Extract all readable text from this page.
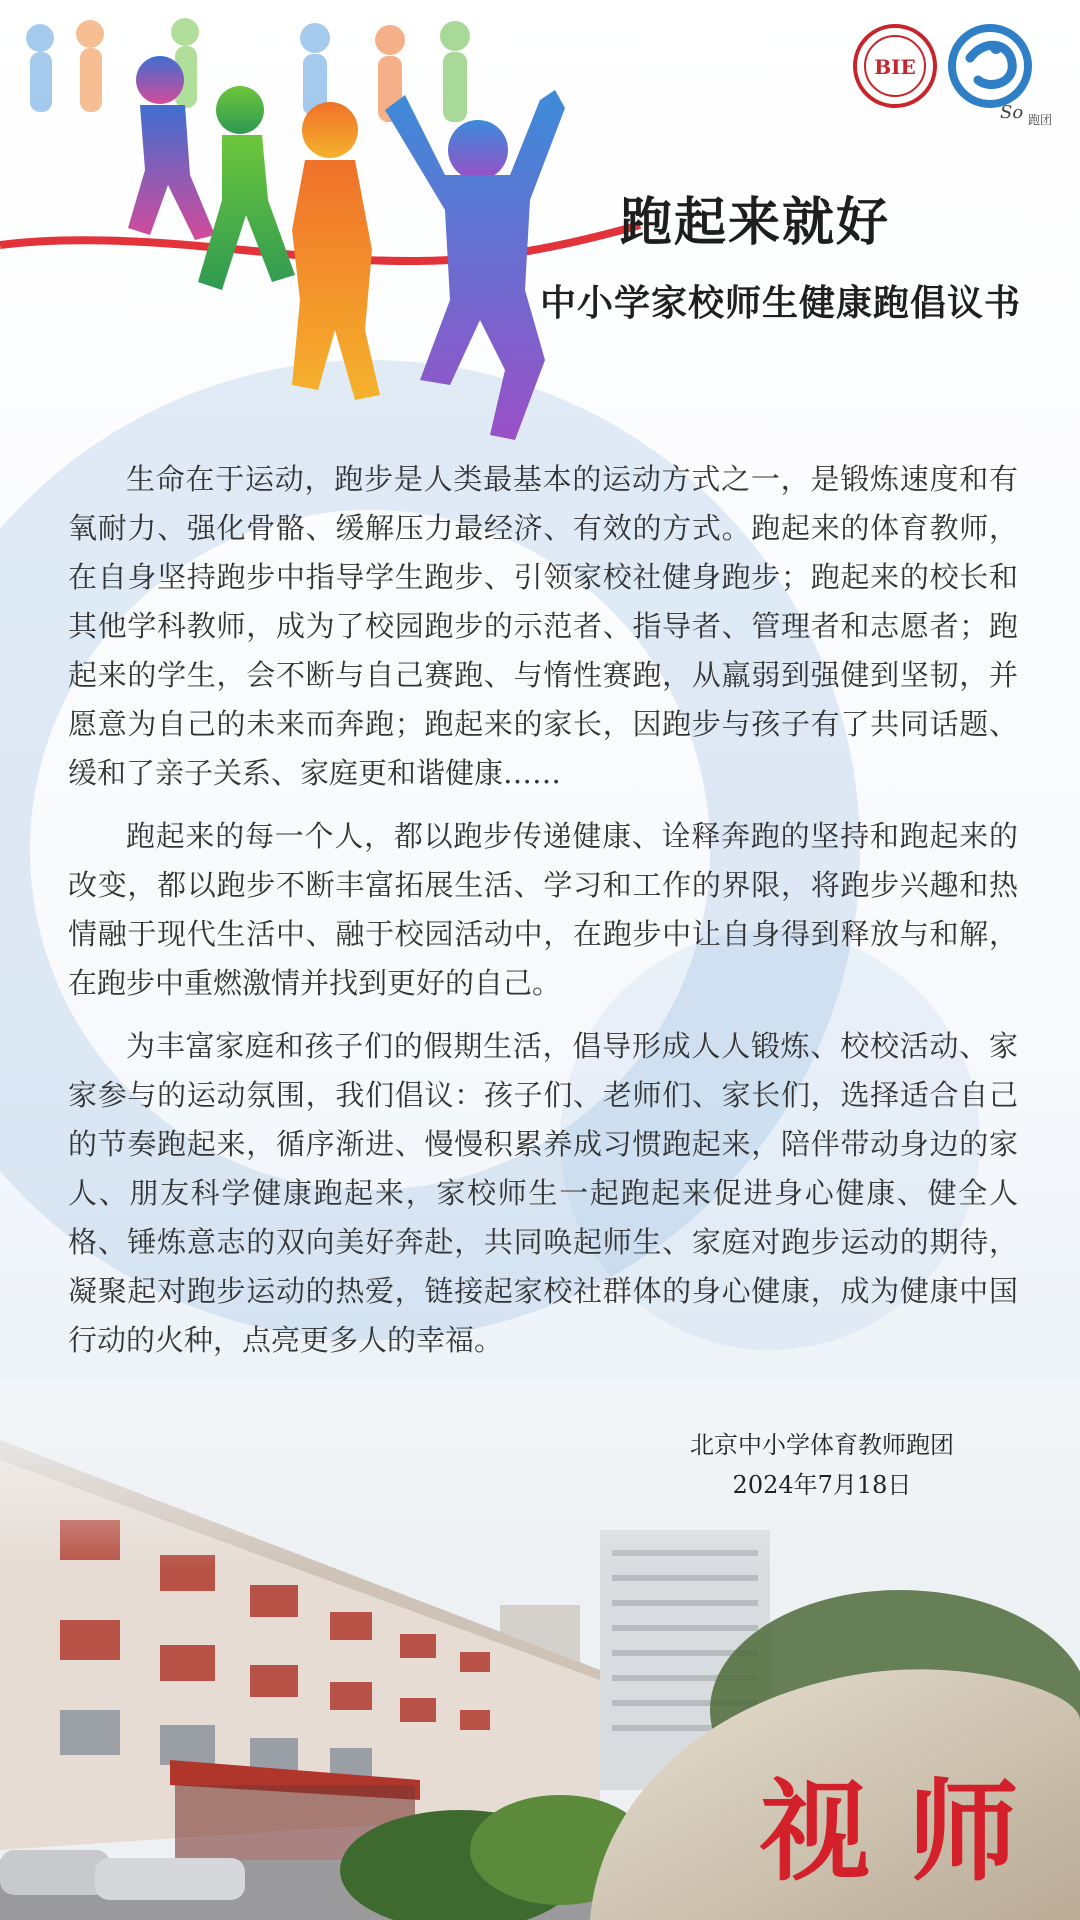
BIE
So 跑团
跑起来就好
中小学家校师生健康跑倡议书

生命在于运动，跑步是人类最基本的运动方式之一，是锻炼速度和有氧耐力、强化骨骼、缓解压力最经济、有效的方式。跑起来的体育教师，在自身坚持跑步中指导学生跑步、引领家校社健身跑步；跑起来的校长和其他学科教师，成为了校园跑步的示范者、指导者、管理者和志愿者；跑起来的学生，会不断与自己赛跑、与惰性赛跑，从羸弱到强健到坚韧，并愿意为自己的未来而奔跑；跑起来的家长，因跑步与孩子有了共同话题、缓和了亲子关系、家庭更和谐健康……

跑起来的每一个人，都以跑步传递健康、诠释奔跑的坚持和跑起来的改变，都以跑步不断丰富拓展生活、学习和工作的界限，将跑步兴趣和热情融于现代生活中、融于校园活动中，在跑步中让自身得到释放与和解，在跑步中重燃激情并找到更好的自己。

为丰富家庭和孩子们的假期生活，倡导形成人人锻炼、校校活动、家家参与的运动氛围，我们倡议：孩子们、老师们、家长们，选择适合自己的节奏跑起来，循序渐进、慢慢积累养成习惯跑起来，陪伴带动身边的家人、朋友科学健康跑起来，家校师生一起跑起来促进身心健康、健全人格、锤炼意志的双向美好奔赴，共同唤起师生、家庭对跑步运动的期待，凝聚起对跑步运动的热爱，链接起家校社群体的身心健康，成为健康中国行动的火种，点亮更多人的幸福。

北京中小学体育教师跑团
2024年7月18日
